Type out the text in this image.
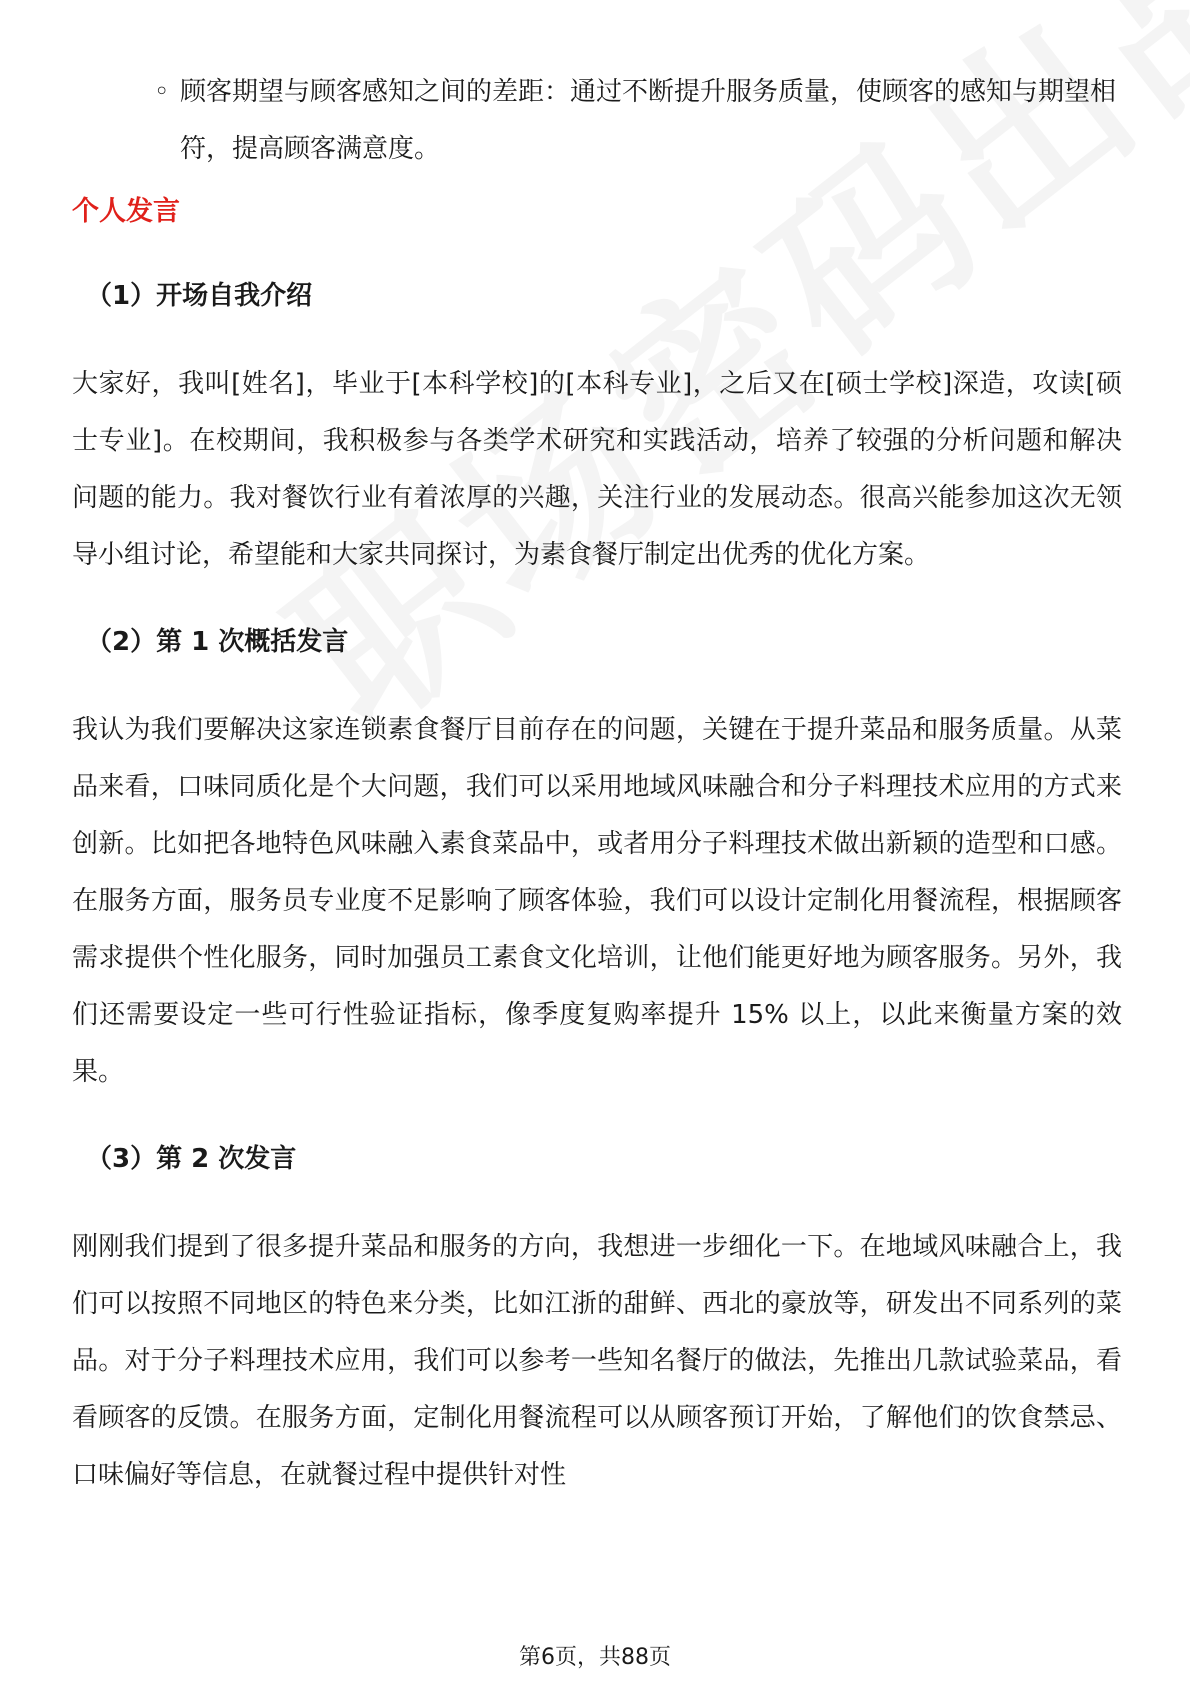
◦ 顾客期望与顾客感知之间的差距：通过不断提升服务质量，使顾客的感知与期望相符，提高顾客满意度。
个人发言
（1）开场自我介绍
大家好，我叫[姓名]，毕业于[本科学校]的[本科专业]，之后又在[硕士学校]深造，攻读[硕士专业]。在校期间，我积极参与各类学术研究和实践活动，培养了较强的分析问题和解决问题的能力。我对餐饮行业有着浓厚的兴趣，关注行业的发展动态。很高兴能参加这次无领导小组讨论，希望能和大家共同探讨，为素食餐厅制定出优秀的优化方案。
（2）第 1 次概括发言
我认为我们要解决这家连锁素食餐厅目前存在的问题，关键在于提升菜品和服务质量。从菜品来看，口味同质化是个大问题，我们可以采用地域风味融合和分子料理技术应用的方式来创新。比如把各地特色风味融入素食菜品中，或者用分子料理技术做出新颖的造型和口感。在服务方面，服务员专业度不足影响了顾客体验，我们可以设计定制化用餐流程，根据顾客需求提供个性化服务，同时加强员工素食文化培训，让他们能更好地为顾客服务。另外，我们还需要设定一些可行性验证指标，像季度复购率提升 15% 以上，以此来衡量方案的效果。
（3）第 2 次发言
刚刚我们提到了很多提升菜品和服务的方向，我想进一步细化一下。在地域风味融合上，我们可以按照不同地区的特色来分类，比如江浙的甜鲜、西北的豪放等，研发出不同系列的菜品。对于分子料理技术应用，我们可以参考一些知名餐厅的做法，先推出几款试验菜品，看看顾客的反馈。在服务方面，定制化用餐流程可以从顾客预订开始，了解他们的饮食禁忌、口味偏好等信息，在就餐过程中提供针对性
第6页，共88页
